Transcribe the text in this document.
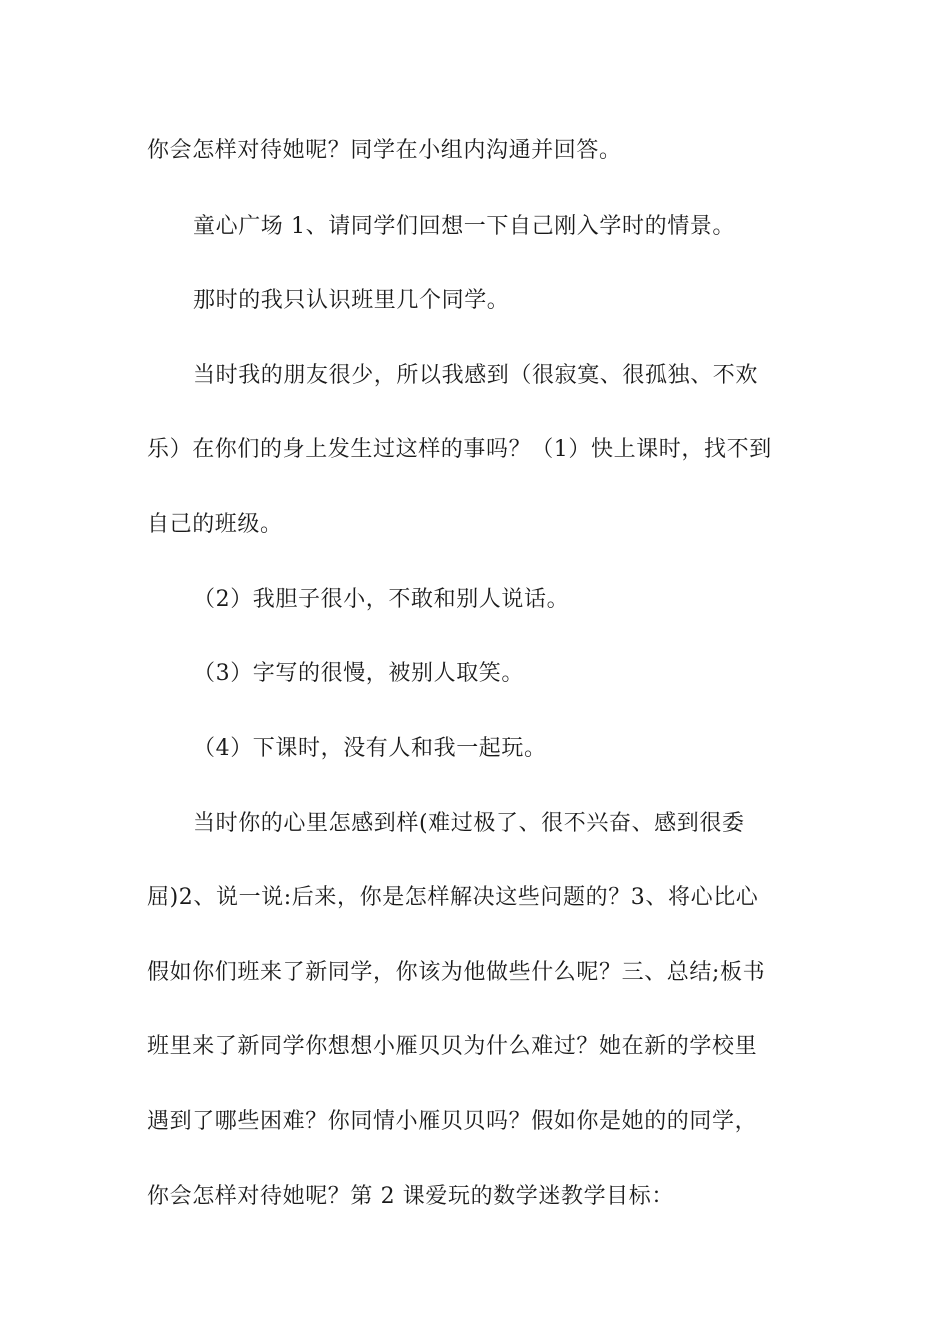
你会怎样对待她呢？同学在小组内沟通并回答。
童心广场 1、请同学们回想一下自己刚入学时的情景。
那时的我只认识班里几个同学。
当时我的朋友很少，所以我感到（很寂寞、很孤独、不欢
乐）在你们的身上发生过这样的事吗？（1）快上课时，找不到
自己的班级。
（2）我胆子很小，不敢和别人说话。
（3）字写的很慢，被别人取笑。
（4）下课时，没有人和我一起玩。
当时你的心里怎感到样(难过极了、很不兴奋、感到很委
屈)2、说一说:后来，你是怎样解决这些问题的？3、将心比心
假如你们班来了新同学，你该为他做些什么呢？三、总结;板书
班里来了新同学你想想小雁贝贝为什么难过？她在新的学校里
遇到了哪些困难？你同情小雁贝贝吗？假如你是她的的同学，
你会怎样对待她呢？第 2 课爱玩的数学迷教学目标：
